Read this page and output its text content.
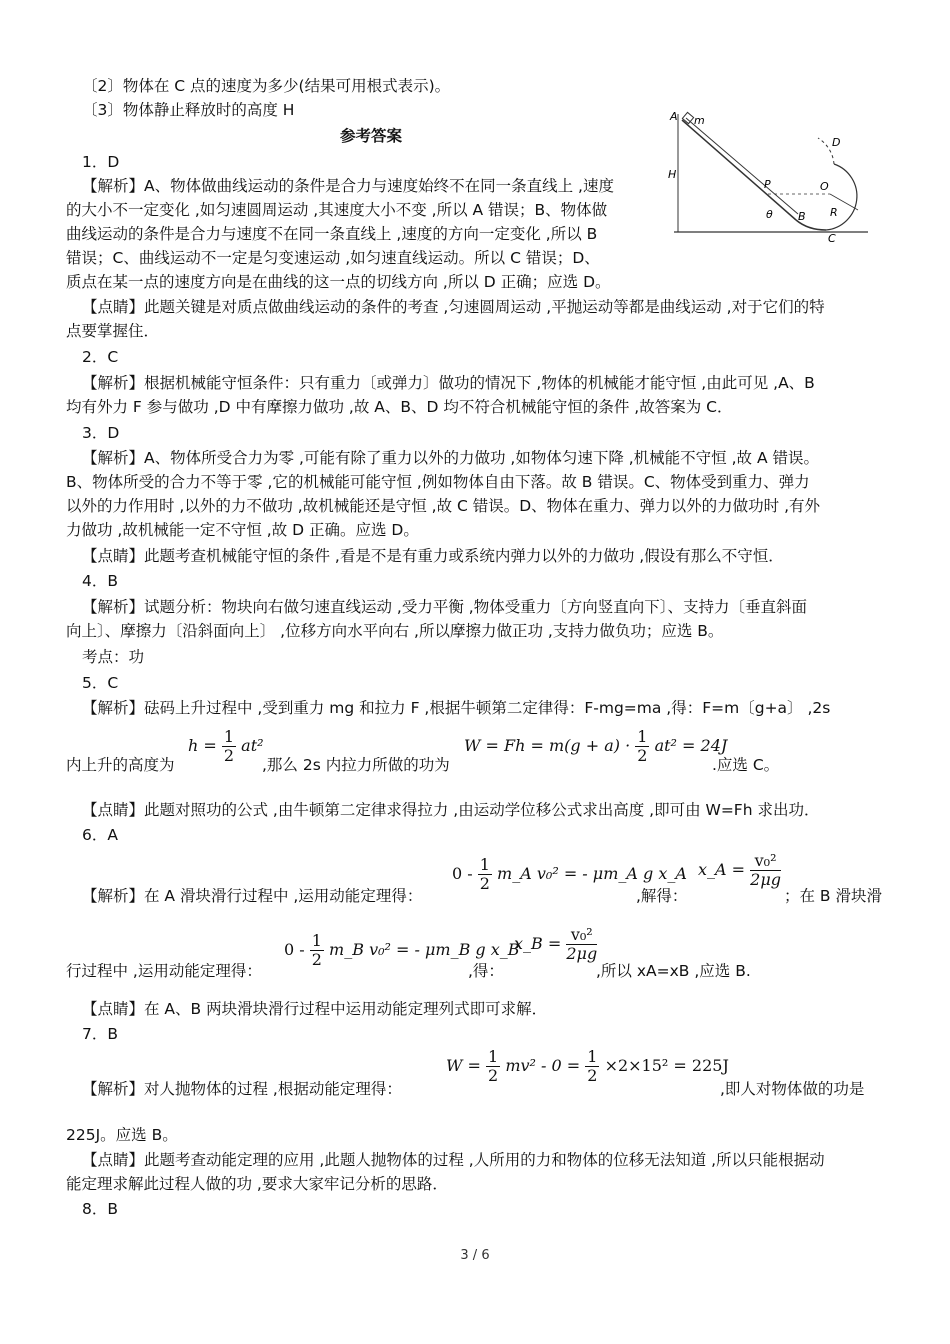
〔2〕物体在 C 点的速度为多少(结果可用根式表示)。
〔3〕物体静止释放时的高度 H
参考答案
A m
H
P	O
θ B R
C
D
1．D
【解析】A、物体做曲线运动的条件是合力与速度始终不在同一条直线上 ,速度
的大小不一定变化 ,如匀速圆周运动 ,其速度大小不变 ,所以 A 错误；B、物体做
曲线运动的条件是合力与速度不在同一条直线上 ,速度的方向一定变化 ,所以 B
错误；C、曲线运动不一定是匀变速运动 ,如匀速直线运动。所以 C 错误；D、
质点在某一点的速度方向是在曲线的这一点的切线方向 ,所以 D 正确；应选 D。
【点睛】此题关键是对质点做曲线运动的条件的考查 ,匀速圆周运动 ,平抛运动等都是曲线运动 ,对于它们的特
点要掌握住．
2．C
【解析】根据机械能守恒条件：只有重力〔或弹力〕做功的情况下 ,物体的机械能才能守恒 ,由此可见 ,A、B
均有外力 F 参与做功 ,D 中有摩擦力做功 ,故 A、B、D 均不符合机械能守恒的条件 ,故答案为 C．
3．D
【解析】A、物体所受合力为零 ,可能有除了重力以外的力做功 ,如物体匀速下降 ,机械能不守恒 ,故 A 错误。
B、物体所受的合力不等于零 ,它的机械能可能守恒 ,例如物体自由下落。故 B 错误。C、物体受到重力、弹力
以外的力作用时 ,以外的力不做功 ,故机械能还是守恒 ,故 C 错误。D、物体在重力、弹力以外的力做功时 ,有外
力做功 ,故机械能一定不守恒 ,故 D 正确。应选 D。
【点睛】此题考查机械能守恒的条件 ,看是不是有重力或系统内弹力以外的力做功 ,假设有那么不守恒．
4．B
【解析】试题分析：物块向右做匀速直线运动 ,受力平衡 ,物体受重力〔方向竖直向下〕、支持力〔垂直斜面
向上〕、摩擦力〔沿斜面向上〕 ,位移方向水平向右 ,所以摩擦力做正功 ,支持力做负功；应选 B。
考点：功
5．C
【解析】砝码上升过程中 ,受到重力 mg 和拉力 F ,根据牛顿第二定律得：F-mg=ma ,得：F=m〔g+a〕 ,2s
内上升的高度为
$h = \frac{1}{2} at^2$
,那么 2s 内拉力所做的功为
$W = Fh = m(g + a) \cdot \frac{1}{2} at^2 = 24J$
.应选 C。
【点睛】此题对照功的公式 ,由牛顿第二定律求得拉力 ,由运动学位移公式求出高度 ,即可由 W=Fh 求出功．
6．A
【解析】在 A 滑块滑行过程中 ,运用动能定理得：
$0 - \frac{1}{2}$ m_A v₀² = - μm_A g x_A
,解得：
x_A = $\frac{\text{v₀²}}{2\mu g}$
；在 B 滑块滑
行过程中 ,运用动能定理得：
$0 - \frac{1}{2}$ m_B v₀² = - μm_B g x_B
,得：
x_B = $\frac{\text{v₀²}}{2\mu g}$
,所以 xA=xB ,应选 B.
【点睛】在 A、B 两块滑块滑行过程中运用动能定理列式即可求解．
7．B
【解析】对人抛物体的过程 ,根据动能定理得：
$W = \frac{1}{2} mv^2 - 0 = \frac{1}{2} \times 2\times 15^2 = 225J$
,即人对物体做的功是
225J。应选 B。
【点睛】此题考查动能定理的应用 ,此题人抛物体的过程 ,人所用的力和物体的位移无法知道 ,所以只能根据动
能定理求解此过程人做的功 ,要求大家牢记分析的思路．
8．B
3 / 6
